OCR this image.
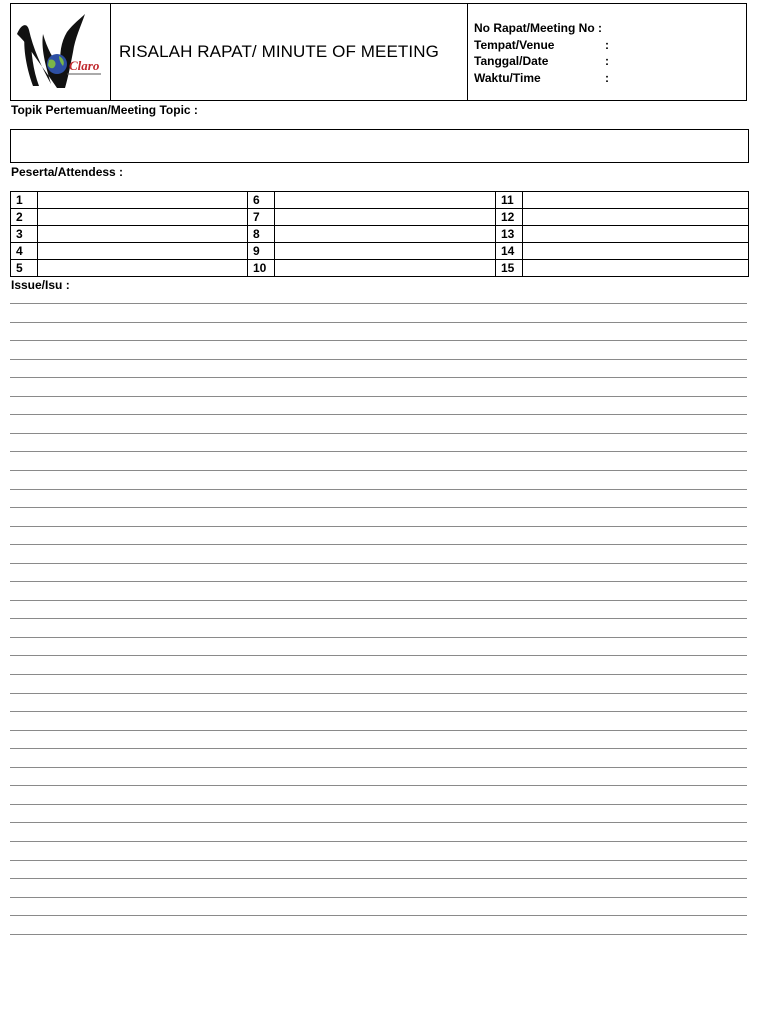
Claro
RISALAH RAPAT/ MINUTE OF MEETING
No Rapat/Meeting No :
Tempat/Venue	:
Tanggal/Date	:
Waktu/Time	:
Topik Pertemuan/Meeting Topic :
Peserta/Attendess :
1		6		11	
2		7		12	
3		8		13	
4		9		14	
5		10		15	
Issue/Isu :
